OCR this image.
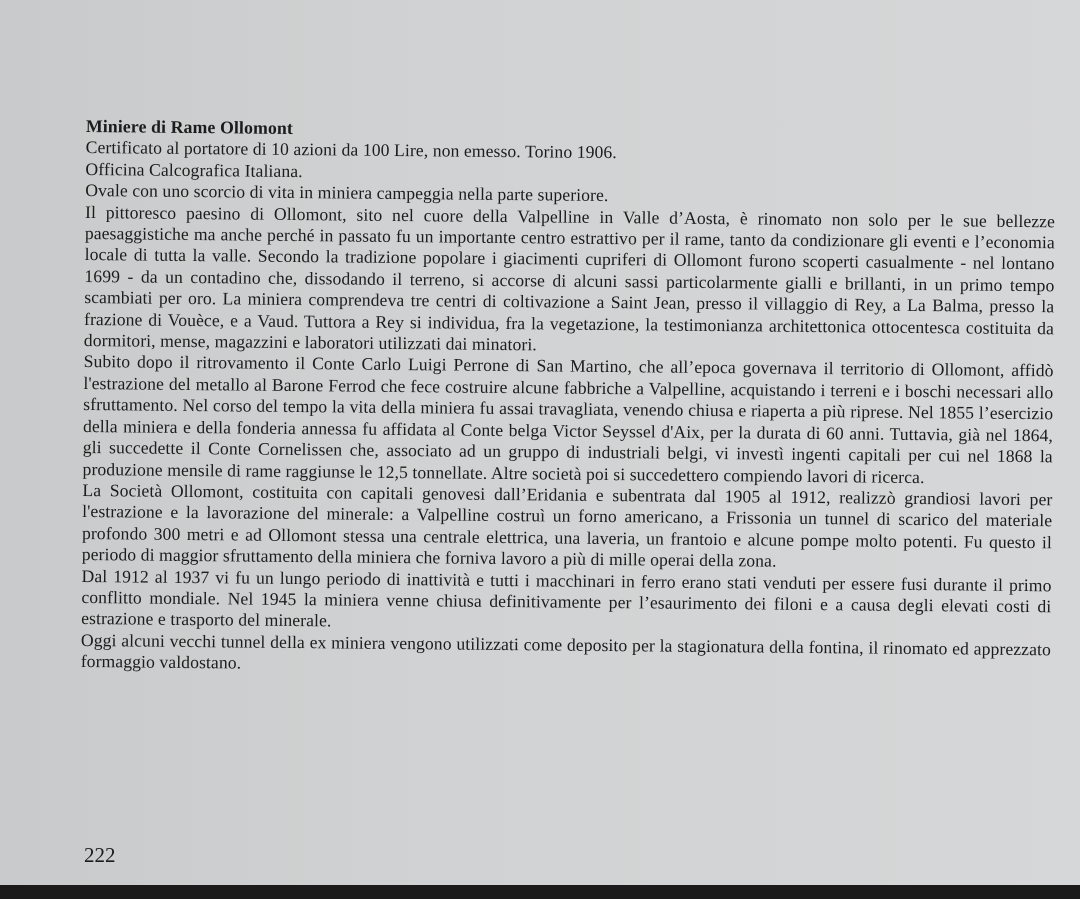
Miniere di Rame Ollomont

Certificato al portatore di 10 azioni da 100 Lire, non emesso. Torino 1906.

Officina Calcografica Italiana.

Ovale con uno scorcio di vita in miniera campeggia nella parte superiore.

Il pittoresco paesino di Ollomont, sito nel cuore della Valpelline in Valle d’Aosta, è rinomato non solo per le sue bellezze paesaggistiche ma anche perché in passato fu un importante centro estrattivo per il rame, tanto da condizionare gli eventi e l’economia locale di tutta la valle. Secondo la tradizione popolare i giacimenti cupriferi di Ollomont furono scoperti casualmente - nel lontano 1699 - da un contadino che, dissodando il terreno, si accorse di alcuni sassi particolarmente gialli e brillanti, in un primo tempo scambiati per oro. La miniera comprendeva tre centri di coltivazione a Saint Jean, presso il villaggio di Rey, a La Balma, presso la frazione di Vouèce, e a Vaud. Tuttora a Rey si individua, fra la vegetazione, la testimonianza architettonica ottocentesca costituita da dormitori, mense, magazzini e laboratori utilizzati dai minatori.

Subito dopo il ritrovamento il Conte Carlo Luigi Perrone di San Martino, che all’epoca governava il territorio di Ollomont, affidò l'estrazione del metallo al Barone Ferrod che fece costruire alcune fabbriche a Valpelline, acquistando i terreni e i boschi necessari allo sfruttamento. Nel corso del tempo la vita della miniera fu assai travagliata, venendo chiusa e riaperta a più riprese. Nel 1855 l’esercizio della miniera e della fonderia annessa fu affidata al Conte belga Victor Seyssel d'Aix, per la durata di 60 anni. Tuttavia, già nel 1864, gli succedette il Conte Cornelissen che, associato ad un gruppo di industriali belgi, vi investì ingenti capitali per cui nel 1868 la produzione mensile di rame raggiunse le 12,5 tonnellate. Altre società poi si succedettero compiendo lavori di ricerca.

La Società Ollomont, costituita con capitali genovesi dall’Eridania e subentrata dal 1905 al 1912, realizzò grandiosi lavori per l'estrazione e la lavorazione del minerale: a Valpelline costruì un forno americano, a Frissonia un tunnel di scarico del materiale profondo 300 metri e ad Ollomont stessa una centrale elettrica, una laveria, un frantoio e alcune pompe molto potenti. Fu questo il periodo di maggior sfruttamento della miniera che forniva lavoro a più di mille operai della zona.

Dal 1912 al 1937 vi fu un lungo periodo di inattività e tutti i macchinari in ferro erano stati venduti per essere fusi durante il primo conflitto mondiale. Nel 1945 la miniera venne chiusa definitivamente per l’esaurimento dei filoni e a causa degli elevati costi di estrazione e trasporto del minerale.

Oggi alcuni vecchi tunnel della ex miniera vengono utilizzati come deposito per la stagionatura della fontina, il rinomato ed apprezzato formaggio valdostano.

222
